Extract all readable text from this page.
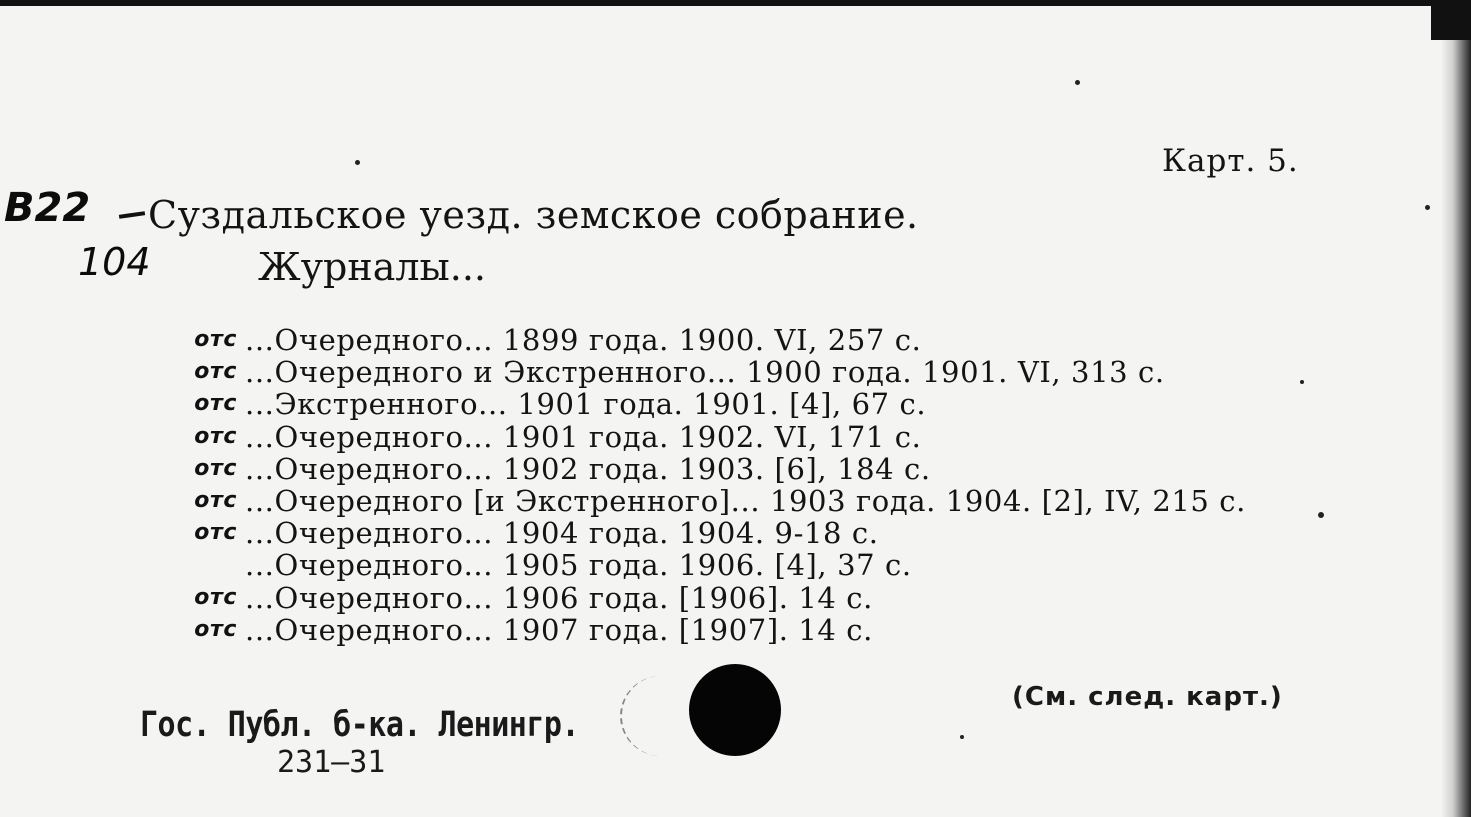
Карт. 5.
B22
104
Суздальское уезд. земское собрание.
Журналы...
отс ...Очередного... 1899 года. 1900. VI, 257 с.
отс ...Очередного и Экстренного... 1900 года. 1901. VI, 313 с.
отс ...Экстренного... 1901 года. 1901. [4], 67 с.
отс ...Очередного... 1901 года. 1902. VI, 171 с.
отс ...Очередного... 1902 года. 1903. [6], 184 с.
отс ...Очередного [и Экстренного]... 1903 года. 1904. [2], IV, 215 с.
отс ...Очередного... 1904 года. 1904. 9-18 с.
...Очередного... 1905 года. 1906. [4], 37 с.
отс ...Очередного... 1906 года. [1906]. 14 с.
отс ...Очередного... 1907 года. [1907]. 14 с.
Гос. Публ. б-ка. Ленингр.
231—31
(См. след. карт.)
